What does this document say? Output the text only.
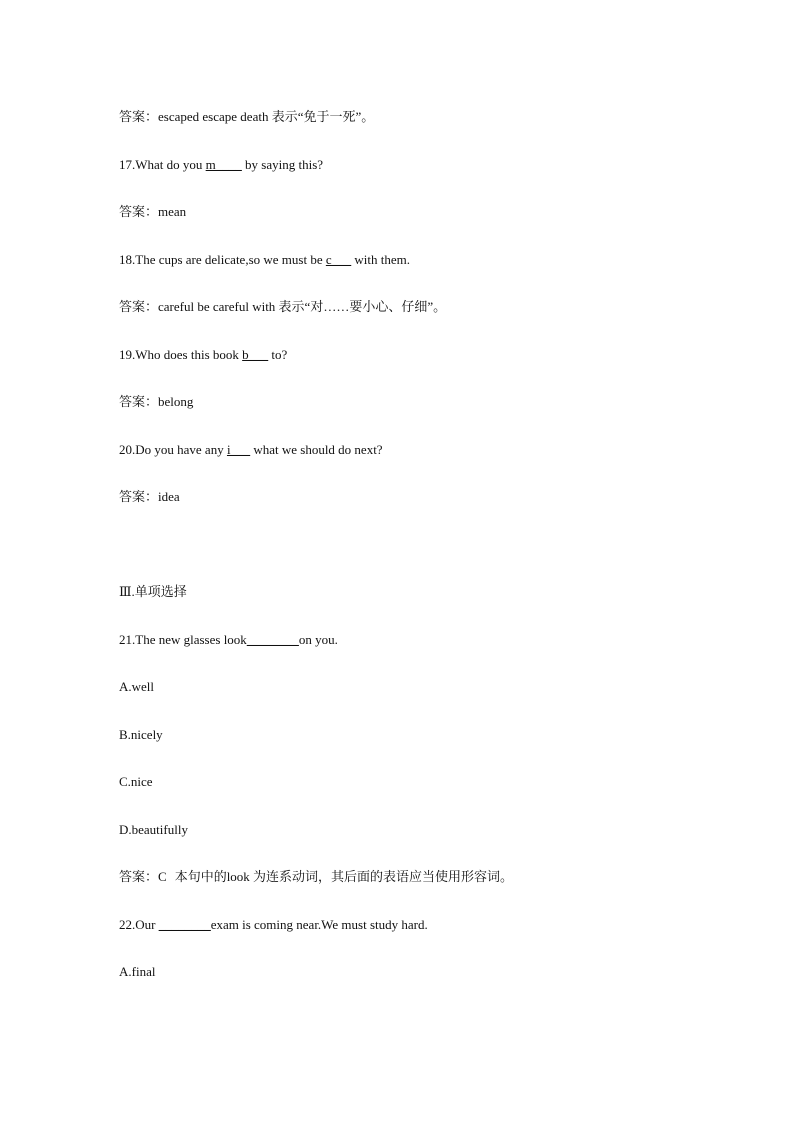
答案：escaped escape death 表示“免于一死”。
17.What do you m____ by saying this?
答案：mean
18.The cups are delicate,so we must be c___ with them.
答案：careful be careful with 表示“对……要小心、仔细”。
19.Who does this book b___ to?
答案：belong
20.Do you have any i___ what we should do next?
答案：idea
Ⅲ.单项选择
21.The new glasses look________on you.
A.well
B.nicely
C.nice
D.beautifully
答案：C 本句中的look 为连系动词，其后面的表语应当使用形容词。
22.Our ________exam is coming near.We must study hard.
A.final
